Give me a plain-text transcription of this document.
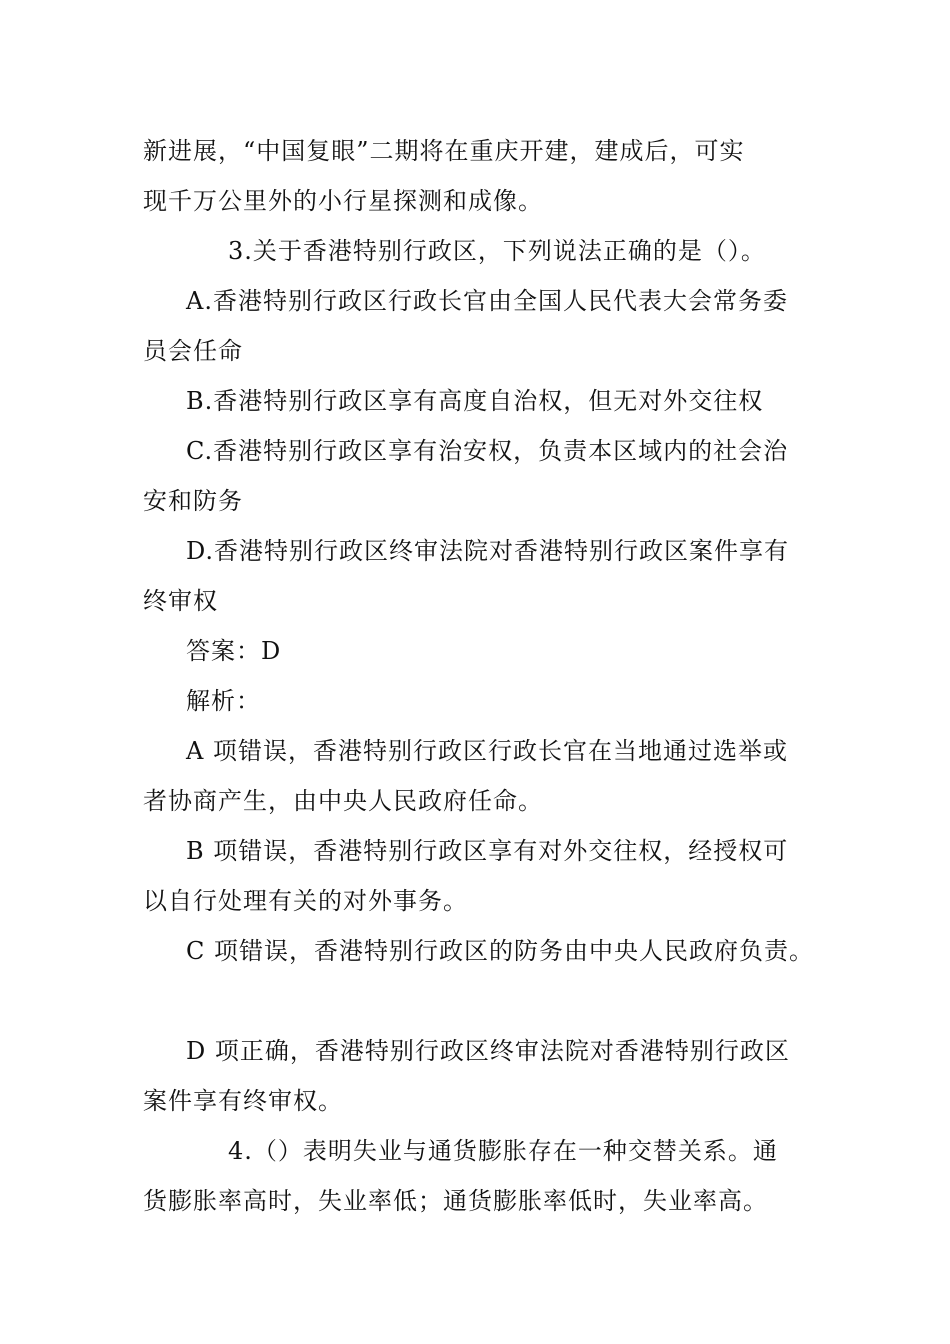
新进展，“中国复眼”二期将在重庆开建，建成后，可实
现千万公里外的小行星探测和成像。
3.关于香港特别行政区，下列说法正确的是（）。
A.香港特别行政区行政长官由全国人民代表大会常务委
员会任命
B.香港特别行政区享有高度自治权，但无对外交往权
C.香港特别行政区享有治安权，负责本区域内的社会治
安和防务
D.香港特别行政区终审法院对香港特别行政区案件享有
终审权
答案：D
解析：
A 项错误，香港特别行政区行政长官在当地通过选举或
者协商产生，由中央人民政府任命。
B 项错误，香港特别行政区享有对外交往权，经授权可
以自行处理有关的对外事务。
C 项错误，香港特别行政区的防务由中央人民政府负责。
D 项正确，香港特别行政区终审法院对香港特别行政区
案件享有终审权。
4.（）表明失业与通货膨胀存在一种交替关系。通
货膨胀率高时，失业率低；通货膨胀率低时，失业率高。
